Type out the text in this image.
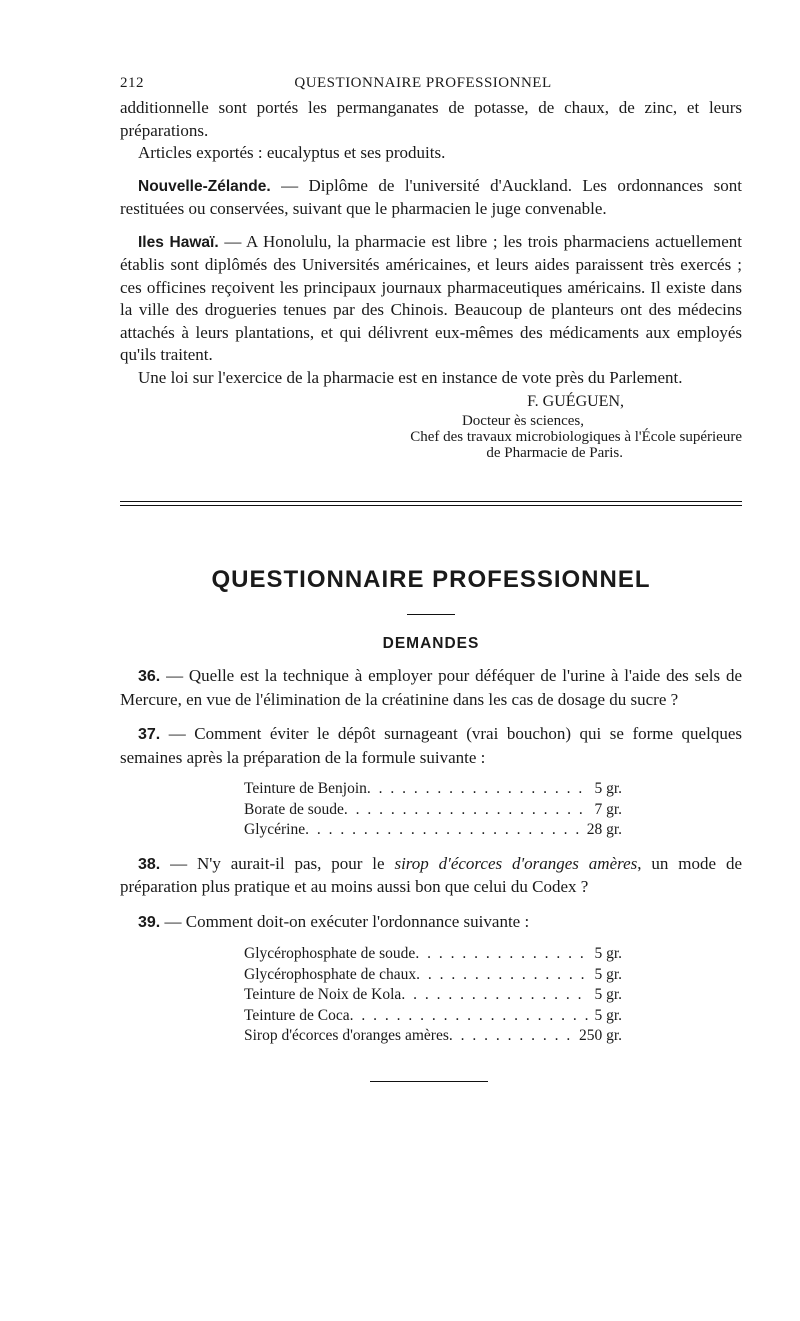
212	QUESTIONNAIRE PROFESSIONNEL

additionnelle sont portés les permanganates de potasse, de chaux, de zinc, et leurs préparations.

Articles exportés : eucalyptus et ses produits.

Nouvelle-Zélande. — Diplôme de l'université d'Auckland. Les ordonnances sont restituées ou conservées, suivant que le pharmacien le juge convenable.

Iles Hawaï. — A Honolulu, la pharmacie est libre ; les trois pharmaciens actuellement établis sont diplômés des Universités américaines, et leurs aides paraissent très exercés ; ces officines reçoivent les principaux journaux pharmaceutiques américains. Il existe dans la ville des drogueries tenues par des Chinois. Beaucoup de planteurs ont des médecins attachés à leurs plantations, et qui délivrent eux-mêmes des médicaments aux employés qu'ils traitent.

Une loi sur l'exercice de la pharmacie est en instance de vote près du Parlement.

F. GUÉGUEN,
Docteur ès sciences,
Chef des travaux microbiologiques à l'École supérieure
de Pharmacie de Paris.
QUESTIONNAIRE PROFESSIONNEL
DEMANDES

36. — Quelle est la technique à employer pour déféquer de l'urine à l'aide des sels de Mercure, en vue de l'élimination de la créatinine dans les cas de dosage du sucre ?

37. — Comment éviter le dépôt surnageant (vrai bouchon) qui se forme quelques semaines après la préparation de la formule suivante :

Teinture de Benjoin . . .	5 gr.
Borate de soude . . .	7 gr.
Glycérine . . .	28 gr.

38. — N'y aurait-il pas, pour le sirop d'écorces d'oranges amères, un mode de préparation plus pratique et au moins aussi bon que celui du Codex ?

39. — Comment doit-on exécuter l'ordonnance suivante :

Glycérophosphate de soude . . .	5 gr.
Glycérophosphate de chaux . . .	5 gr.
Teinture de Noix de Kola . . .	5 gr.
Teinture de Coca . . .	5 gr.
Sirop d'écorces d'oranges amères . . .	250 gr.
